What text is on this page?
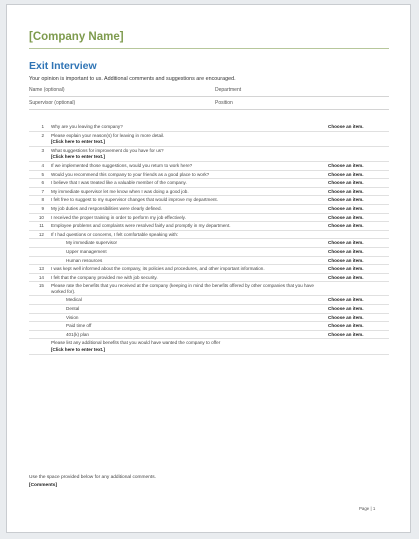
[Company Name]
Exit Interview
Your opinion is important to us. Additional comments and suggestions are encouraged.
Name (optional)	Department
Supervisor (optional)	Position
1	Why are you leaving the company?	Choose an item.
2	Please explain your reason(s) for leaving in more detail.
[Click here to enter text.]	

3	What suggestions for improvement do you have for us?
[Click here to enter text.]	

4	If we implemented those suggestions, would you return to work here?	Choose an item.
5	Would you recommend this company to your friends as a good place to work?	Choose an item.
6	I believe that I was treated like a valuable member of the company.	Choose an item.
7	My immediate supervisor let me know when I was doing a good job.	Choose an item.
8	I felt free to suggest to my supervisor changes that would improve my department.	Choose an item.
9	My job duties and responsibilities were clearly defined.	Choose an item.
10	I received the proper training in order to perform my job effectively.	Choose an item.
11	Employee problems and complaints were resolved fairly and promptly in my department.	Choose an item.
12	If I had questions or concerns, I felt comfortable speaking with:	
	My immediate supervisor	Choose an item.
	Upper management	Choose an item.
	Human resources	Choose an item.
13	I was kept well informed about the company, its policies and procedures, and other important information.	Choose an item.
14	I felt that the company provided me with job security.	Choose an item.
15	Please rate the benefits that you received at the company (keeping in mind the benefits offered by other companies that you have worked for).	
	Medical	Choose an item.
	Dental	Choose an item.
	Vision	Choose an item.
	Paid time off	Choose an item.
	401(k) plan	Choose an item.
	Please list any additional benefits that you would have wanted the company to offer
[Click here to enter text.]	

Use the space provided below for any additional comments.
[Comments]
Page | 1
